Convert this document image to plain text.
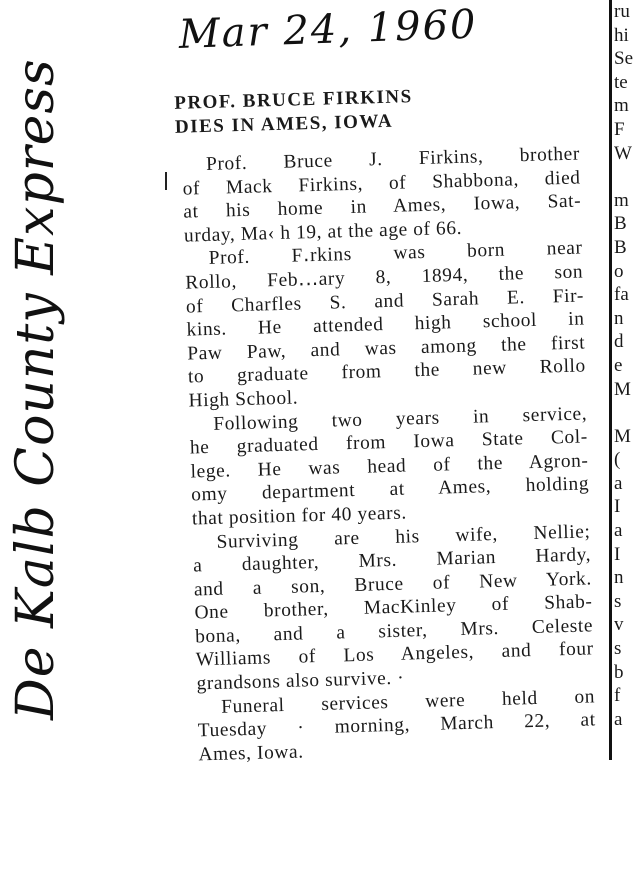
Mar 24, 1960
De Kalb County Express	PROF. BRUCE FIRKINS
DIES IN AMES, IOWA

Prof. Bruce J. Firkins, brother
of Mack Firkins, of Shabbona, died
at his home in Ames, Iowa, Sat-
urday, Ma‹ h 19, at the age of 66.

Prof. F․rkins was born near
Rollo, Feb․‥ary 8, 1894, the son
of Charfles S. and Sarah E. Fir-
kins. He attended high school in
Paw Paw, and was among the first
to graduate from the new Rollo
High School.

Following two years in service,
he graduated from Iowa State Col-
lege. He was head of the Agron-
omy department at Ames, holding
that position for 40 years.

Surviving are his wife, Nellie;
a daughter, Mrs. Marian Hardy,
and a son, Bruce of New York.
One brother, MacKinley of Shab-
bona, and a sister, Mrs. Celeste
Williams of Los Angeles, and four
grandsons also survive. ·

Funeral services were held on
Tuesday · morning, March 22, at
Ames, Iowa.

ru
hi
Se
te
m
F
W
m
B
B
o
fa
n
d
e
M
M
(
a
I
a
I
n
s
v
s
b
f
a
